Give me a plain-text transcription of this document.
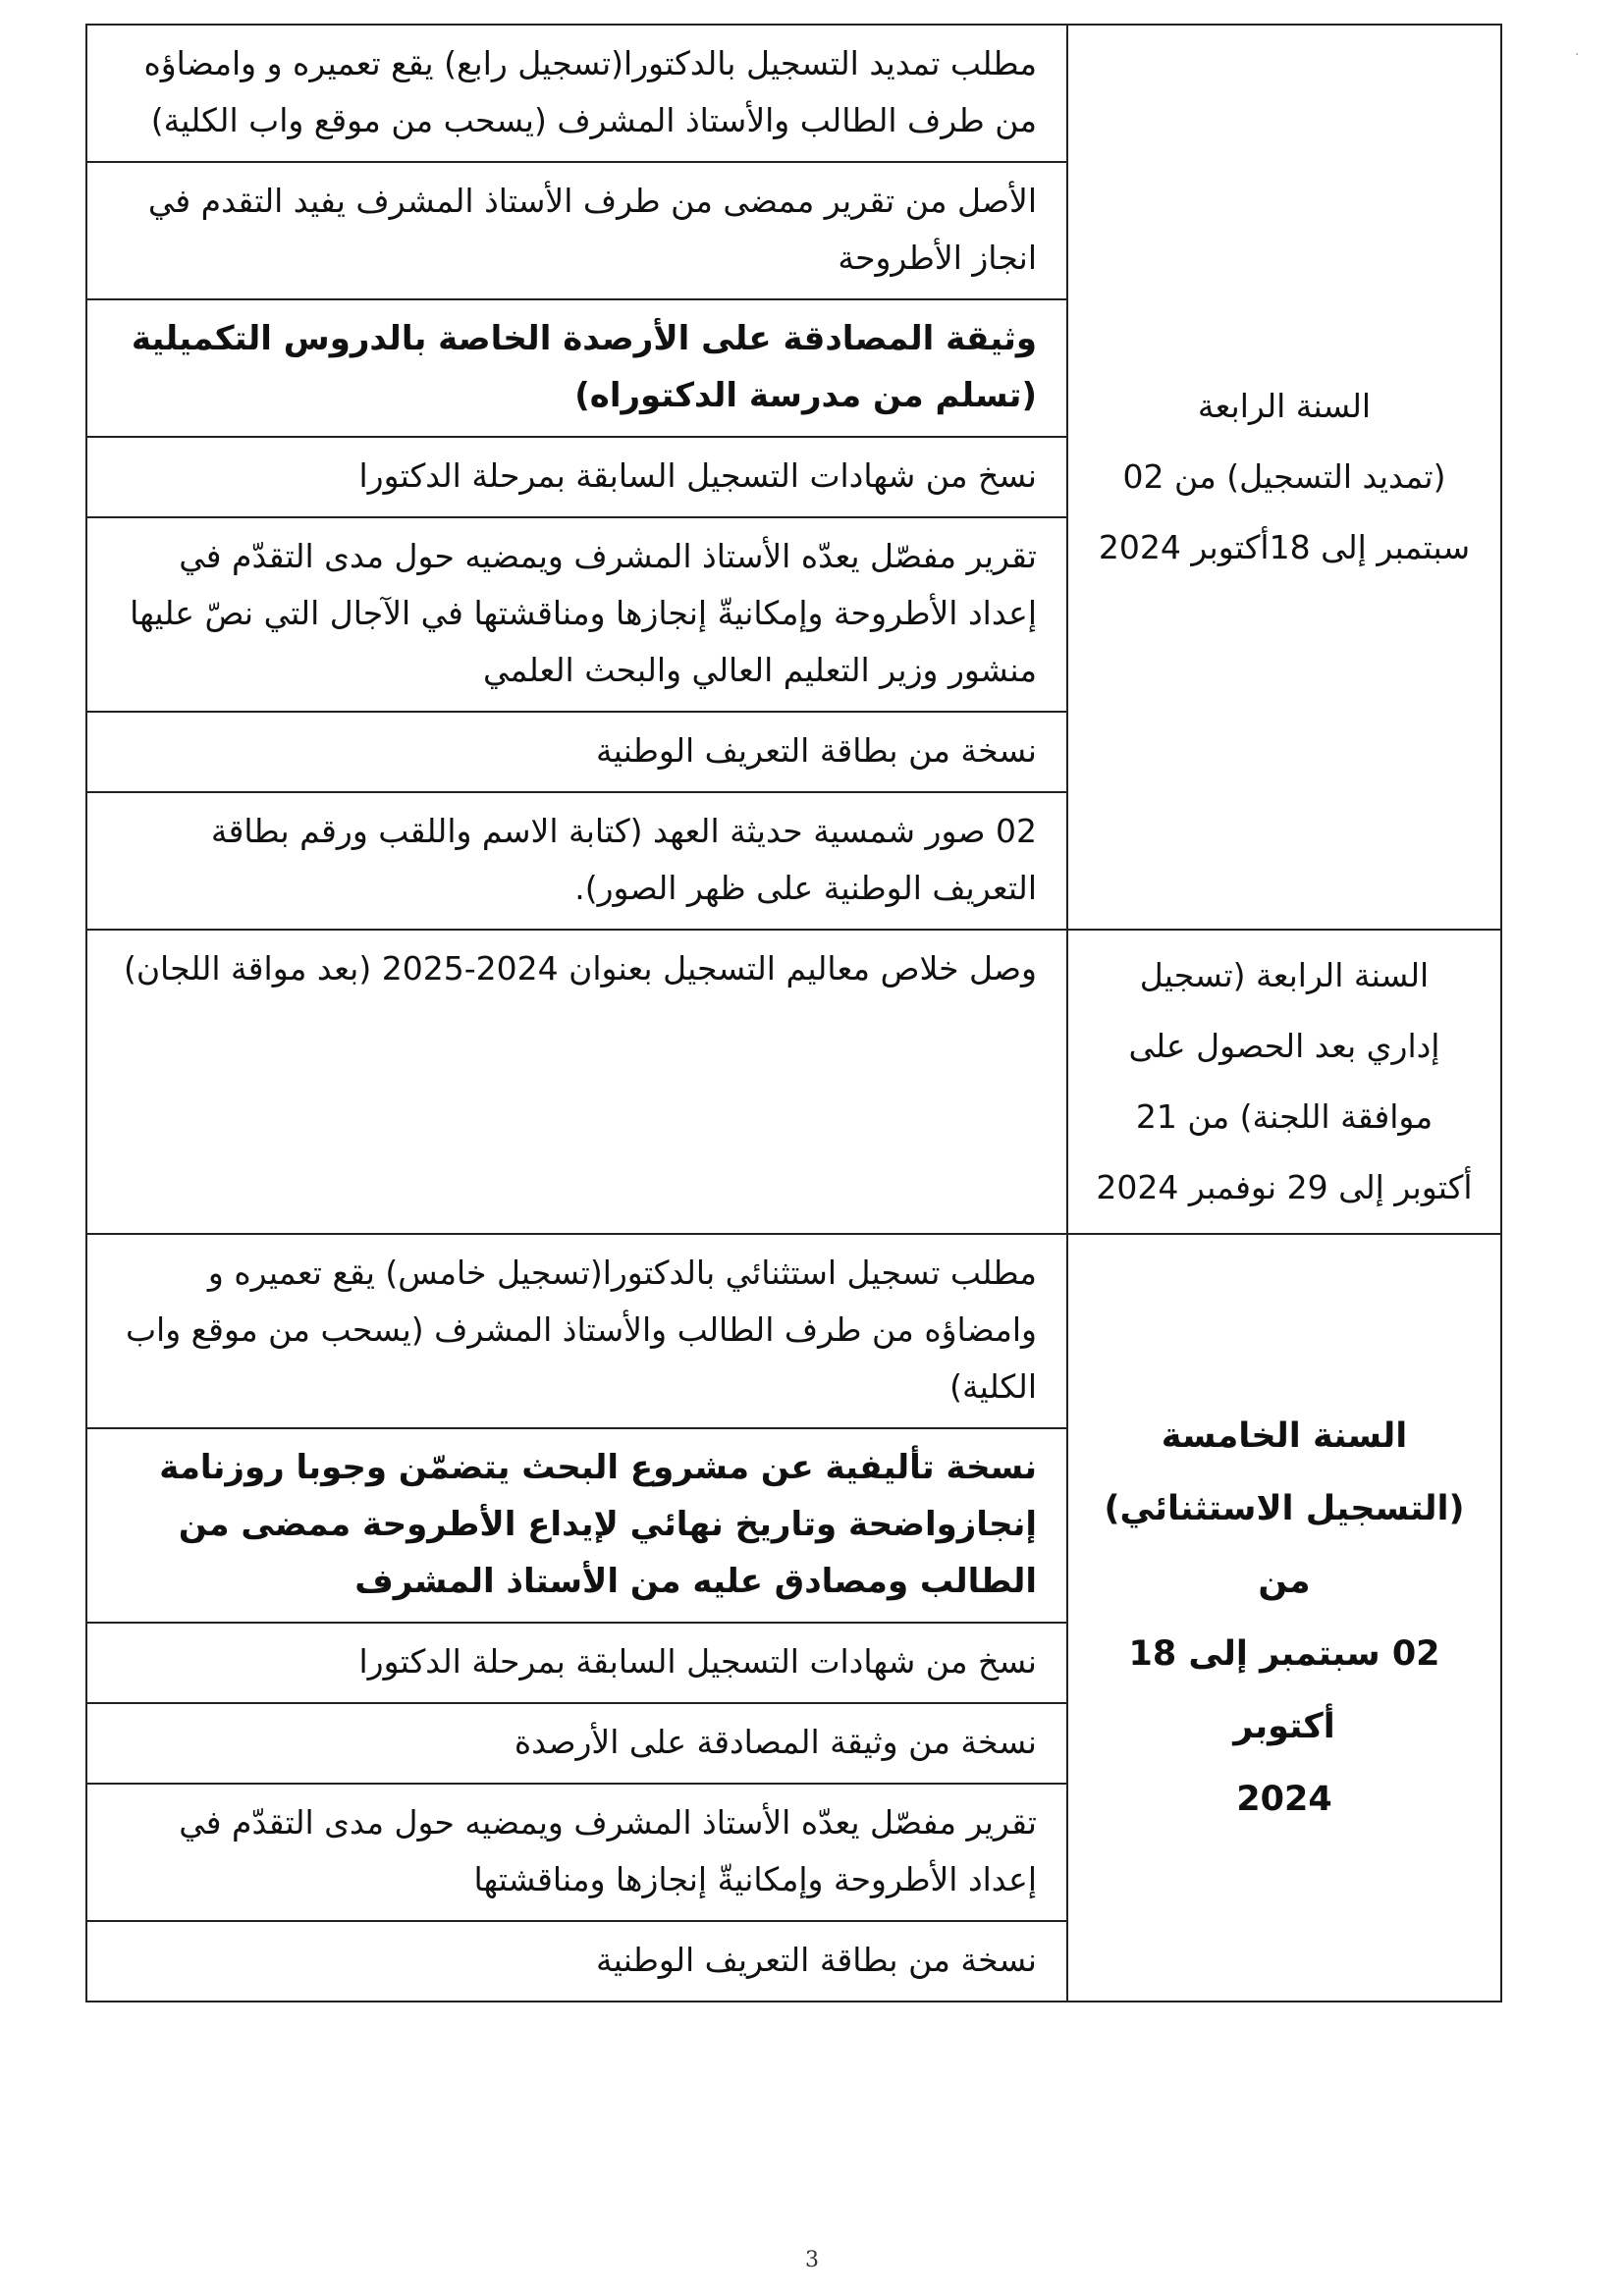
.
السنة الرابعة
(تمديد التسجيل) من 02
سبتمبر إلى 18أكتوبر 2024	مطلب تمديد التسجيل بالدكتورا(تسجيل رابع) يقع تعميره و وامضاؤه من طرف الطالب والأستاذ المشرف (يسحب من موقع واب الكلية)

	الأصل من تقرير ممضى من طرف الأستاذ المشرف يفيد التقدم في انجاز الأطروحة

	وثيقة المصادقة على الأرصدة الخاصة بالدروس التكميلية (تسلم من مدرسة الدكتوراه)

	نسخ من شهادات التسجيل السابقة بمرحلة الدكتورا

	تقرير مفصّل يعدّه الأستاذ المشرف ويمضيه حول مدى التقدّم في إعداد الأطروحة وإمكانيةّ إنجازها ومناقشتها في الآجال التي نصّ عليها منشور وزير التعليم العالي والبحث العلمي

	نسخة من بطاقة التعريف الوطنية

	02 صور شمسية حديثة العهد (كتابة الاسم واللقب ورقم بطاقة التعريف الوطنية على ظهر الصور).

السنة الرابعة (تسجيل
إداري بعد الحصول على
موافقة اللجنة) من 21
أكتوبر إلى 29 نوفمبر 2024	وصل خلاص معاليم التسجيل بعنوان 2024-2025 (بعد مواقة اللجان)

السنة الخامسة
(التسجيل الاستثنائي) من
02 سبتمبر إلى 18 أكتوبر
2024	مطلب تسجيل استثنائي بالدكتورا(تسجيل خامس) يقع تعميره و وامضاؤه من طرف الطالب والأستاذ المشرف (يسحب من موقع واب الكلية)

	نسخة تأليفية عن مشروع البحث يتضمّن وجوبا روزنامة إنجازواضحة وتاريخ نهائي لإيداع الأطروحة ممضى من الطالب ومصادق عليه من الأستاذ المشرف

	نسخ من شهادات التسجيل السابقة بمرحلة الدكتورا

	نسخة من وثيقة المصادقة على الأرصدة

	تقرير مفصّل يعدّه الأستاذ المشرف ويمضيه حول مدى التقدّم في إعداد الأطروحة وإمكانيةّ إنجازها ومناقشتها

	نسخة من بطاقة التعريف الوطنية
3
